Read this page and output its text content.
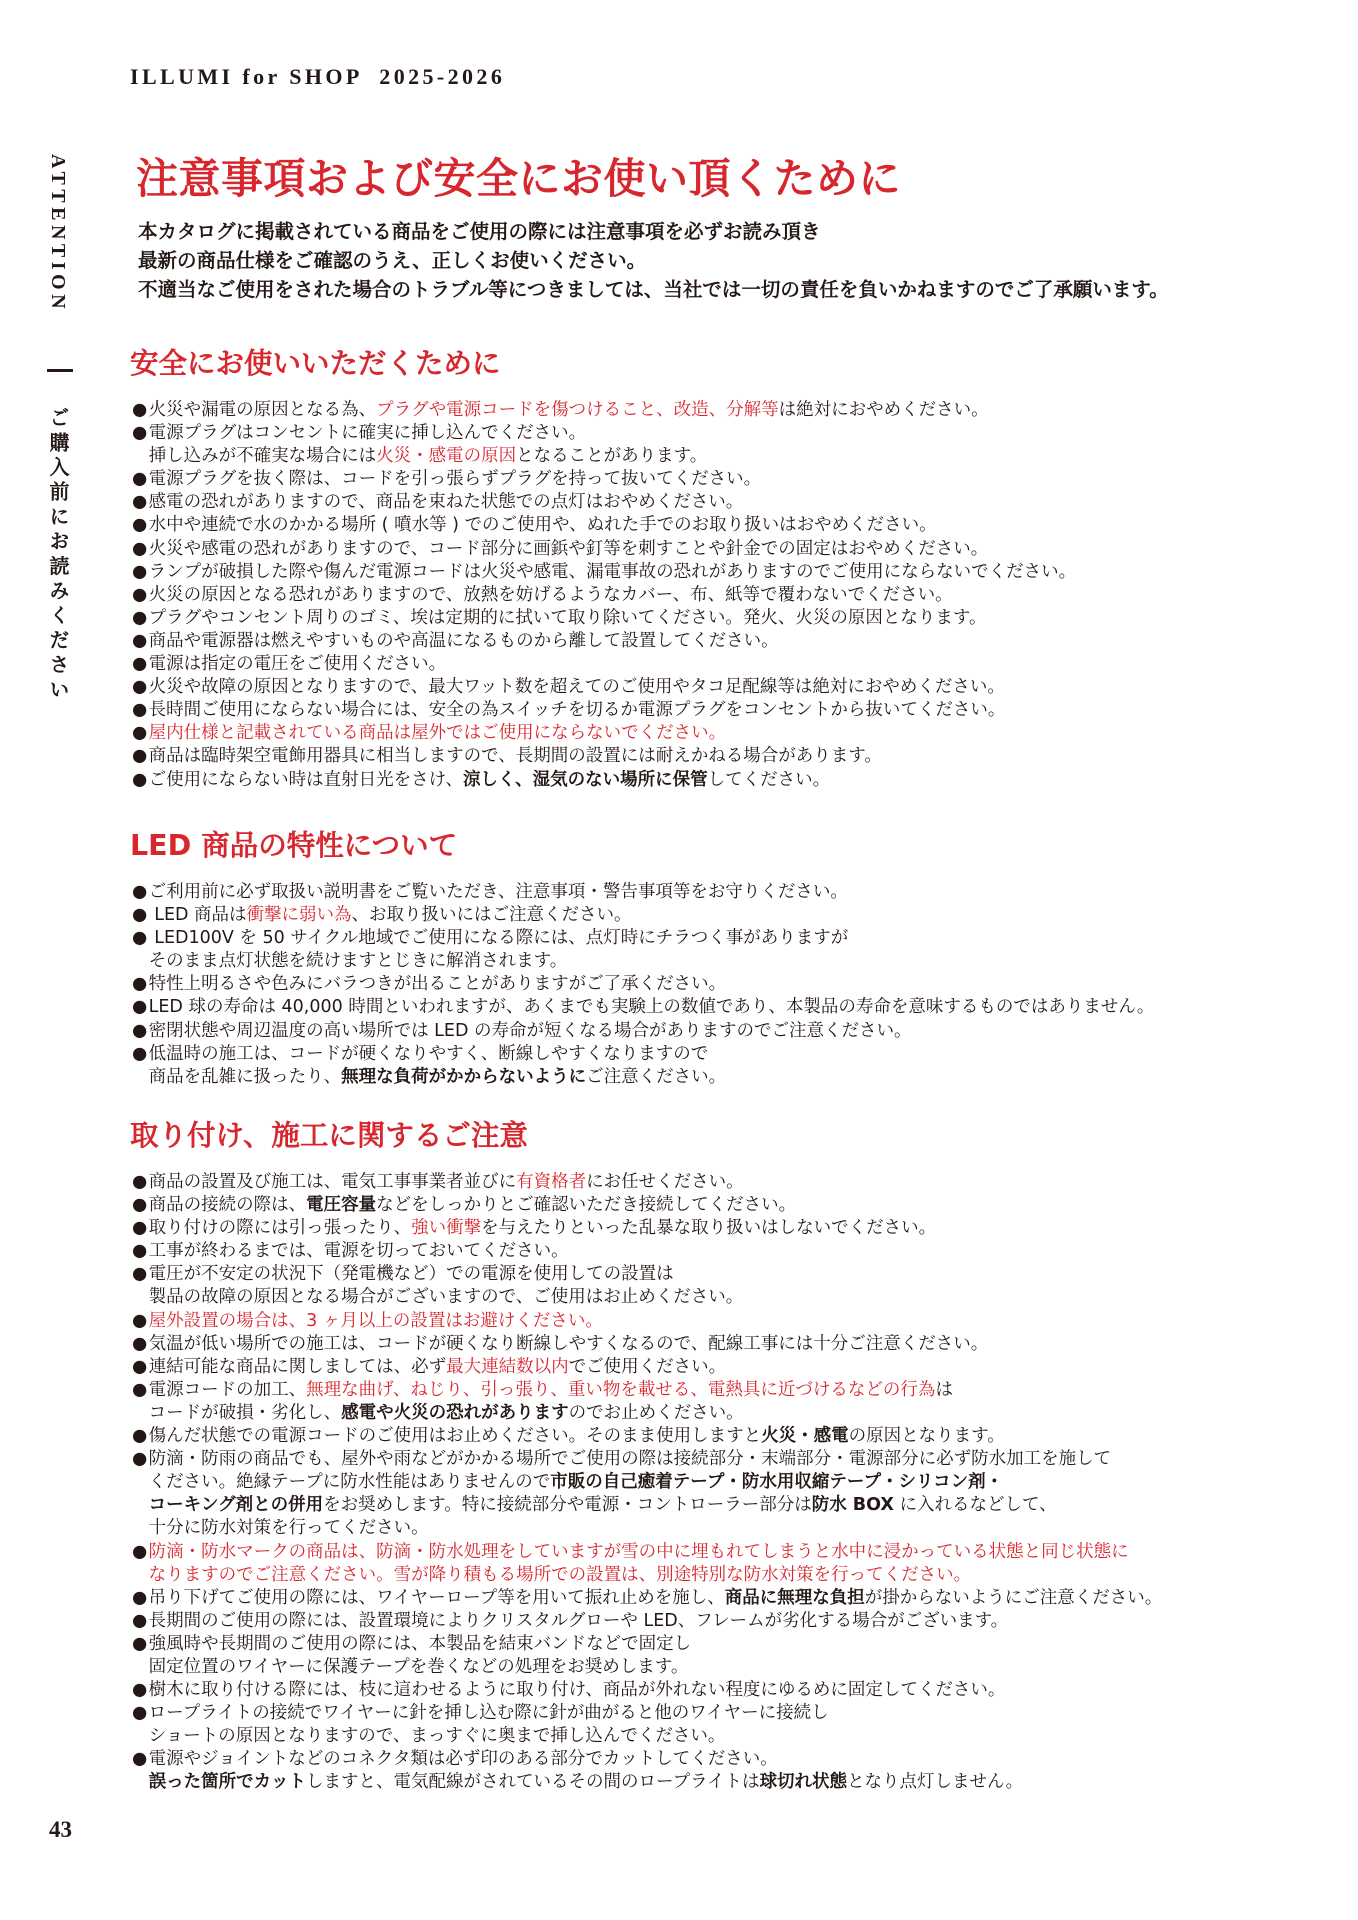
ILLUMI for SHOP  2025-2026
ATTENTION
ご購入前にお読みください
注意事項および安全にお使い頂くために
本カタログに掲載されている商品をご使用の際には注意事項を必ずお読み頂き
最新の商品仕様をご確認のうえ、正しくお使いください。
不適当なご使用をされた場合のトラブル等につきましては、当社では一切の責任を負いかねますのでご了承願います。
安全にお使いいただくために
●火災や漏電の原因となる為、プラグや電源コードを傷つけること、改造、分解等は絶対におやめください。
●電源プラグはコンセントに確実に挿し込んでください。
挿し込みが不確実な場合には火災・感電の原因となることがあります。
●電源プラグを抜く際は、コードを引っ張らずプラグを持って抜いてください。
●感電の恐れがありますので、商品を束ねた状態での点灯はおやめください。
●水中や連続で水のかかる場所 ( 噴水等 ) でのご使用や、ぬれた手でのお取り扱いはおやめください。
●火災や感電の恐れがありますので、コード部分に画鋲や釘等を刺すことや針金での固定はおやめください。
●ランプが破損した際や傷んだ電源コードは火災や感電、漏電事故の恐れがありますのでご使用にならないでください。
●火災の原因となる恐れがありますので、放熱を妨げるようなカバー、布、紙等で覆わないでください。
●プラグやコンセント周りのゴミ、埃は定期的に拭いて取り除いてください。発火、火災の原因となります。
●商品や電源器は燃えやすいものや高温になるものから離して設置してください。
●電源は指定の電圧をご使用ください。
●火災や故障の原因となりますので、最大ワット数を超えてのご使用やタコ足配線等は絶対におやめください。
●長時間ご使用にならない場合には、安全の為スイッチを切るか電源プラグをコンセントから抜いてください。
●屋内仕様と記載されている商品は屋外ではご使用にならないでください。
●商品は臨時架空電飾用器具に相当しますので、長期間の設置には耐えかねる場合があります。
●ご使用にならない時は直射日光をさけ、涼しく、湿気のない場所に保管してください。
LED 商品の特性について
●ご利用前に必ず取扱い説明書をご覧いただき、注意事項・警告事項等をお守りください。
● LED 商品は衝撃に弱い為、お取り扱いにはご注意ください。
● LED100V を 50 サイクル地域でご使用になる際には、点灯時にチラつく事がありますが
そのまま点灯状態を続けますとじきに解消されます。
●特性上明るさや色みにバラつきが出ることがありますがご了承ください。
●LED 球の寿命は 40,000 時間といわれますが、あくまでも実験上の数値であり、本製品の寿命を意味するものではありません。
●密閉状態や周辺温度の高い場所では LED の寿命が短くなる場合がありますのでご注意ください。
●低温時の施工は、コードが硬くなりやすく、断線しやすくなりますので
商品を乱雑に扱ったり、無理な負荷がかからないようにご注意ください。
取り付け、施工に関するご注意
●商品の設置及び施工は、電気工事事業者並びに有資格者にお任せください。
●商品の接続の際は、電圧容量などをしっかりとご確認いただき接続してください。
●取り付けの際には引っ張ったり、強い衝撃を与えたりといった乱暴な取り扱いはしないでください。
●工事が終わるまでは、電源を切っておいてください。
●電圧が不安定の状況下（発電機など）での電源を使用しての設置は
製品の故障の原因となる場合がございますので、ご使用はお止めください。
●屋外設置の場合は、3 ヶ月以上の設置はお避けください。
●気温が低い場所での施工は、コードが硬くなり断線しやすくなるので、配線工事には十分ご注意ください。
●連結可能な商品に関しましては、必ず最大連結数以内でご使用ください。
●電源コードの加工、無理な曲げ、ねじり、引っ張り、重い物を載せる、電熱具に近づけるなどの行為は
コードが破損・劣化し、感電や火災の恐れがありますのでお止めください。
●傷んだ状態での電源コードのご使用はお止めください。そのまま使用しますと火災・感電の原因となります。
●防滴・防雨の商品でも、屋外や雨などがかかる場所でご使用の際は接続部分・末端部分・電源部分に必ず防水加工を施して
ください。絶縁テープに防水性能はありませんので市販の自己癒着テープ・防水用収縮テープ・シリコン剤・
コーキング剤との併用をお奨めします。特に接続部分や電源・コントローラー部分は防水 BOX に入れるなどして、
十分に防水対策を行ってください。
●防滴・防水マークの商品は、防滴・防水処理をしていますが雪の中に埋もれてしまうと水中に浸かっている状態と同じ状態に
なりますのでご注意ください。雪が降り積もる場所での設置は、別途特別な防水対策を行ってください。
●吊り下げてご使用の際には、ワイヤーロープ等を用いて振れ止めを施し、商品に無理な負担が掛からないようにご注意ください。
●長期間のご使用の際には、設置環境によりクリスタルグローや LED、フレームが劣化する場合がございます。
●強風時や長期間のご使用の際には、本製品を結束バンドなどで固定し
固定位置のワイヤーに保護テープを巻くなどの処理をお奨めします。
●樹木に取り付ける際には、枝に這わせるように取り付け、商品が外れない程度にゆるめに固定してください。
●ロープライトの接続でワイヤーに針を挿し込む際に針が曲がると他のワイヤーに接続し
ショートの原因となりますので、まっすぐに奥まで挿し込んでください。
●電源やジョイントなどのコネクタ類は必ず印のある部分でカットしてください。
誤った箇所でカットしますと、電気配線がされているその間のロープライトは球切れ状態となり点灯しません。
43
